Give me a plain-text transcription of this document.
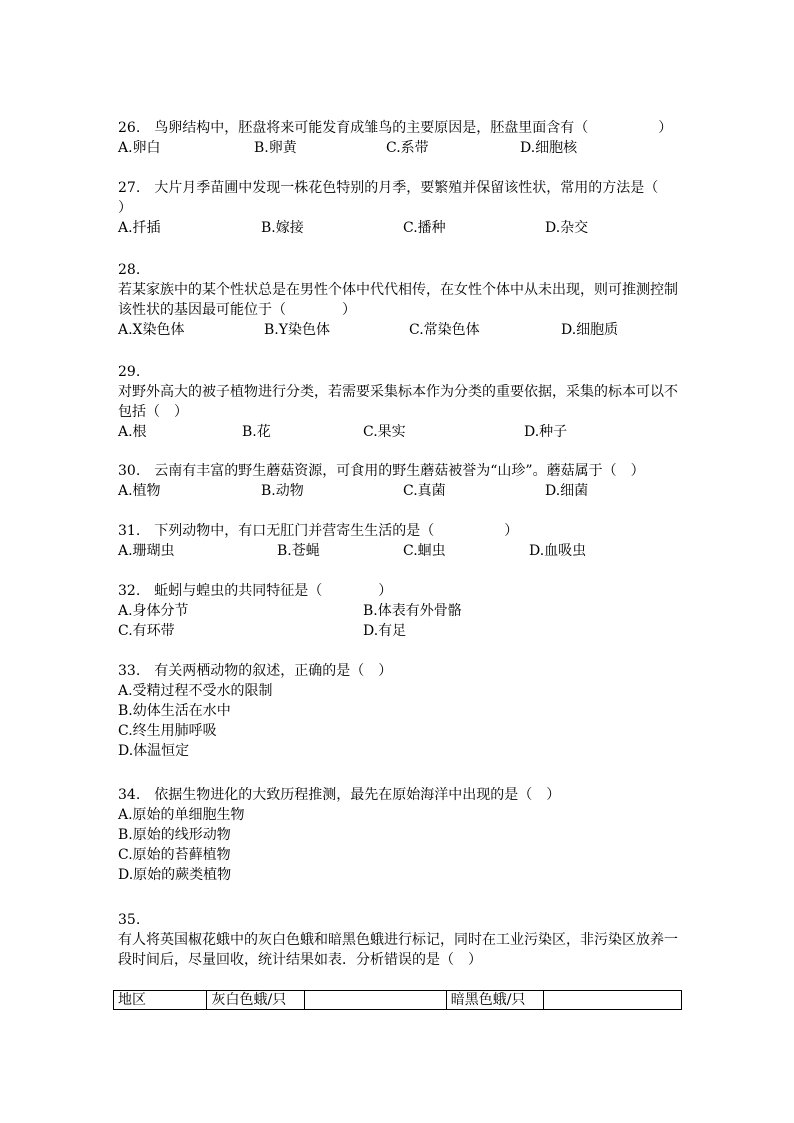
26.　鸟卵结构中，胚盘将来可能发育成雏鸟的主要原因是，胚盘里面含有（　　　　　）
A.卵白	B.卵黄	C.系带	D.细胞核
27.　大片月季苗圃中发现一株花色特别的月季，要繁殖并保留该性状，常用的方法是（
）
A.扦插	B.嫁接	C.播种	D.杂交
28.
若某家族中的某个性状总是在男性个体中代代相传，在女性个体中从未出现，则可推测控制该性状的基因最可能位于（　　　　）
A.X染色体	B.Y染色体	C.常染色体	D.细胞质
29.
对野外高大的被子植物进行分类，若需要采集标本作为分类的重要依据，采集的标本可以不包括（　）
A.根	B.花	C.果实	D.种子
30.　云南有丰富的野生蘑菇资源，可食用的野生蘑菇被誉为“山珍”。蘑菇属于（　）
A.植物	B.动物	C.真菌	D.细菌
31.　下列动物中，有口无肛门并营寄生生活的是（　　　　　）
A.珊瑚虫	B.苍蝇	C.蛔虫	D.血吸虫
32.　蚯蚓与蝗虫的共同特征是（　　　　）
A.身体分节	B.体表有外骨骼
C.有环带	D.有足
33.　有关两栖动物的叙述，正确的是（　）
A.受精过程不受水的限制
B.幼体生活在水中
C.终生用肺呼吸
D.体温恒定
34.　依据生物进化的大致历程推测，最先在原始海洋中出现的是（　）
A.原始的单细胞生物
B.原始的线形动物
C.原始的苔藓植物
D.原始的蕨类植物
35.
有人将英国椒花蛾中的灰白色蛾和暗黑色蛾进行标记，同时在工业污染区，非污染区放养一段时间后，尽量回收，统计结果如表．分析错误的是（　）
地区	灰白色蛾/只		暗黑色蛾/只	
